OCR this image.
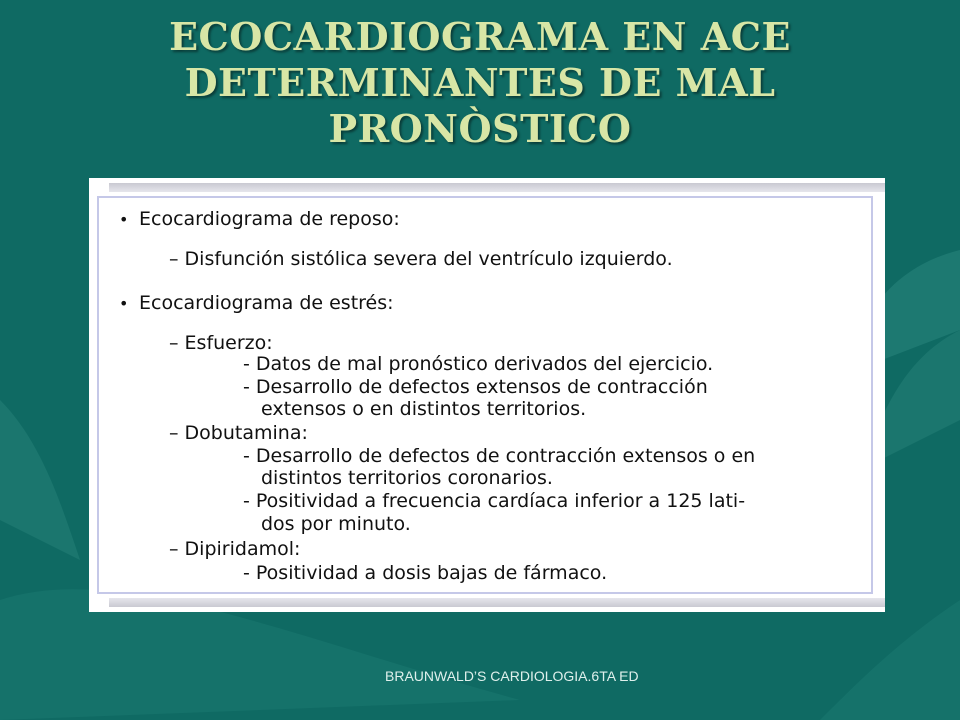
ECOCARDIOGRAMA EN ACE
DETERMINANTES DE MAL
PRONÒSTICO
• Ecocardiograma de reposo:
– Disfunción sistólica severa del ventrículo izquierdo.
• Ecocardiograma de estrés:
– Esfuerzo:
- Datos de mal pronóstico derivados del ejercicio.
- Desarrollo de defectos extensos de contracción
extensos o en distintos territorios.
– Dobutamina:
- Desarrollo de defectos de contracción extensos o en
distintos territorios coronarios.
- Positividad a frecuencia cardíaca inferior a 125 lati-
dos por minuto.
– Dipiridamol:
- Positividad a dosis bajas de fármaco.
BRAUNWALD’S CARDIOLOGIA.6TA ED
